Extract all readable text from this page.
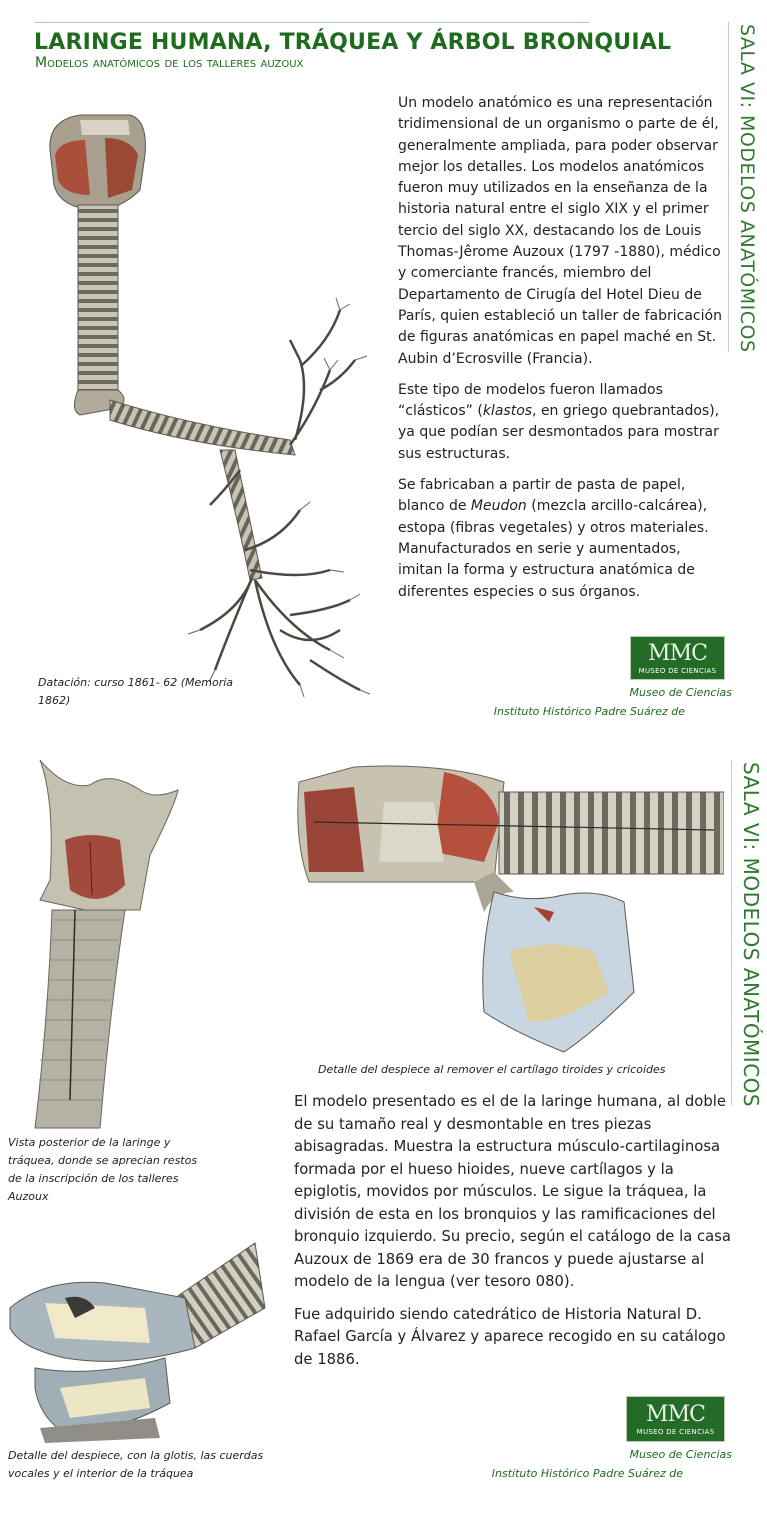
LARINGE HUMANA, TRÁQUEA Y ÁRBOL BRONQUIAL
Modelos anatómicos de los talleres auzoux	SALA VI: MODELOS ANATÓMICOS
SALA VI: MODELOS ANATÓMICOS

Un modelo anatómico es una representación tridimensional de un organismo o parte de él, generalmente ampliada, para poder observar mejor los detalles. Los modelos anatómicos fueron muy utilizados en la enseñanza de la historia natural entre el siglo XIX y el primer tercio del siglo XX, destacando los de Louis Thomas-Jêrome Auzoux (1797 -1880), médico y comerciante francés, miembro del Departamento de Cirugía del Hotel Dieu de París, quien estableció un taller de fabricación de figuras anatómicas en papel maché en St. Aubin d’Ecrosville (Francia).

Este tipo de modelos fueron llamados “clásticos” (klastos, en griego quebrantados), ya que podían ser desmontados para mostrar sus estructuras.

Se fabricaban a partir de pasta de papel, blanco de Meudon (mezcla arcillo-calcárea), estopa (fibras vegetales) y otros materiales. Manufacturados en serie y aumentados, imitan la forma y estructura anatómica de diferentes especies o sus órganos.

MMC
MUSEO DE CIENCIAS
Datación: curso 1861- 62 (Memoria 1862)
Museo de Ciencias
Instituto Histórico Padre Suárez de
Detalle del despiece al remover el cartílago tiroides y cricoides
Vista posterior de la laringe y tráquea, donde se aprecian restos de la inscripción de los talleres Auzoux

El modelo presentado es el de la laringe humana, al doble de su tamaño real y desmontable en tres piezas abisagradas. Muestra la estructura músculo-cartilaginosa formada por el hueso hioides, nueve cartílagos y la epiglotis, movidos por músculos. Le sigue la tráquea, la división de esta en los bronquios y las ramificaciones del bronquio izquierdo. Su precio, según el catálogo de la casa Auzoux de 1869 era de 30 francos y puede ajustarse al modelo de la lengua (ver tesoro 080).

Fue adquirido siendo catedrático de Historia Natural D. Rafael García y Álvarez y aparece recogido en su catálogo de 1886.

MMC
MUSEO DE CIENCIAS
Detalle del despiece, con la glotis, las cuerdas vocales y el interior de la tráquea
Museo de Ciencias
Instituto Histórico Padre Suárez de
